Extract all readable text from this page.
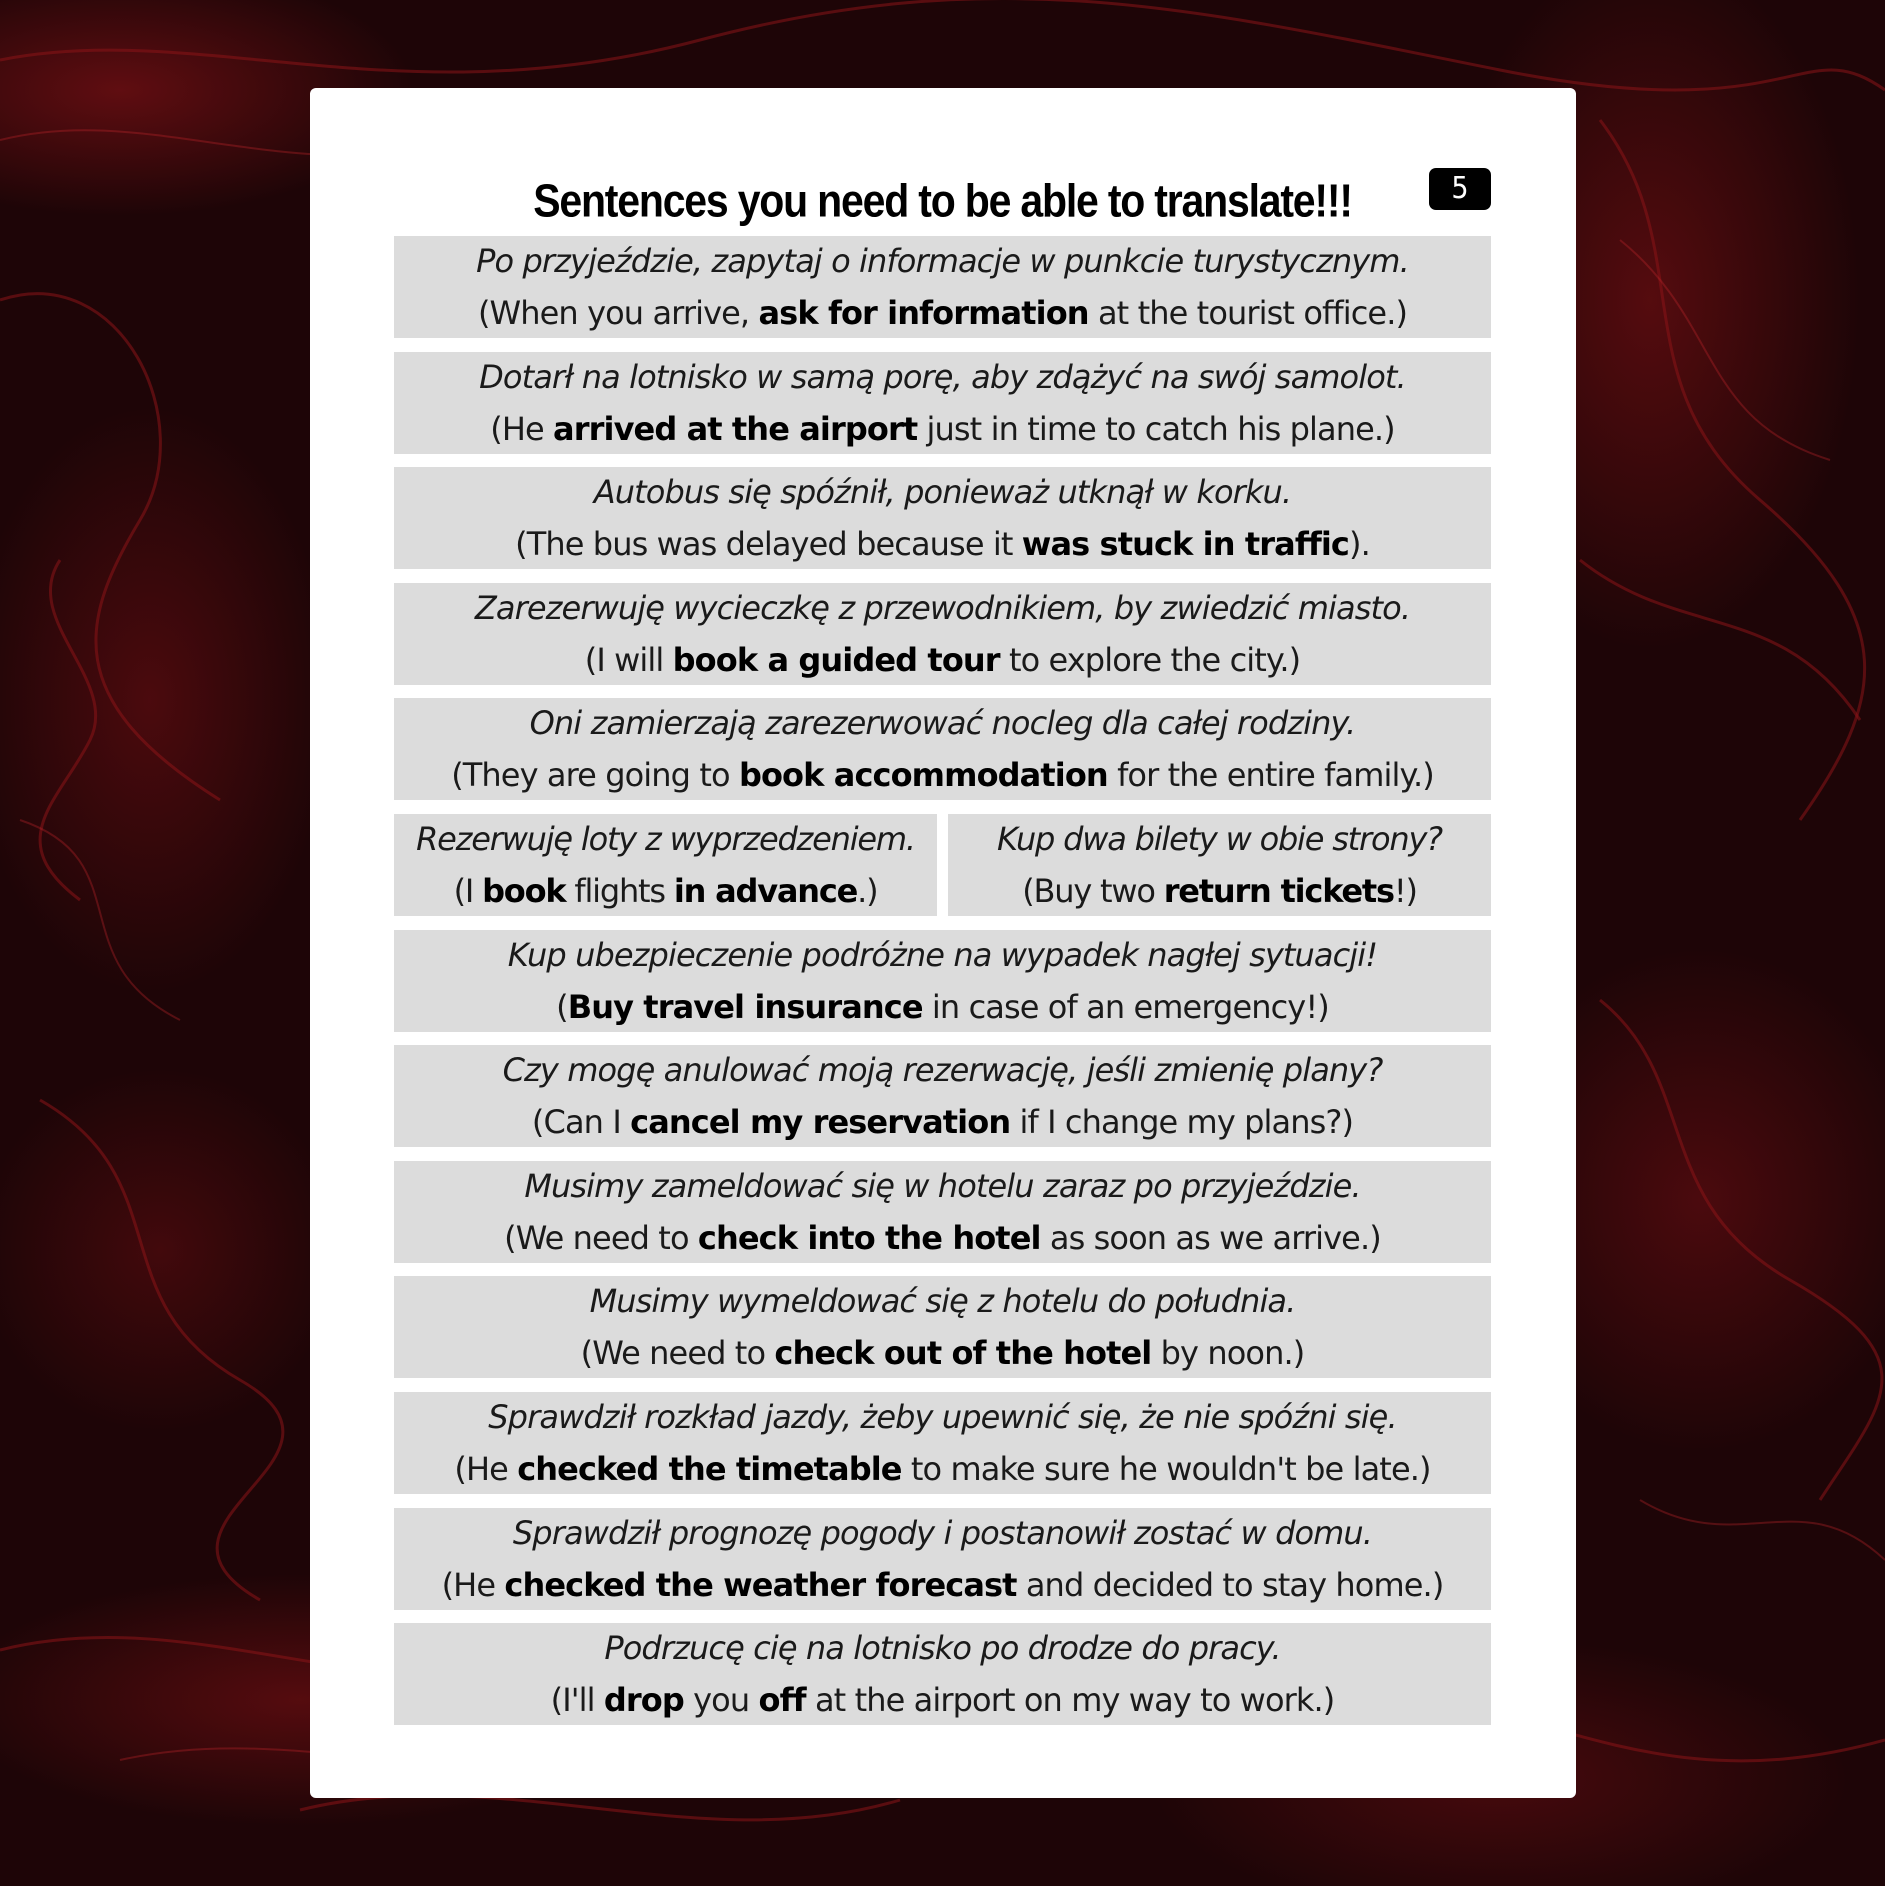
Sentences you need to be able to translate!!!	5
Po przyjeździe, zapytaj o informacje w punkcie turystycznym.
(When you arrive, ask for information at the tourist office.)
Dotarł na lotnisko w samą porę, aby zdążyć na swój samolot.
(He arrived at the airport just in time to catch his plane.)
Autobus się spóźnił, ponieważ utknął w korku.
(The bus was delayed because it was stuck in traffic).
Zarezerwuję wycieczkę z przewodnikiem, by zwiedzić miasto.
(I will book a guided tour to explore the city.)
Oni zamierzają zarezerwować nocleg dla całej rodziny.
(They are going to book accommodation for the entire family.)
Rezerwuję loty z wyprzedzeniem.
(I book flights in advance.)
Kup dwa bilety w obie strony?
(Buy two return tickets!)
Kup ubezpieczenie podróżne na wypadek nagłej sytuacji!
(Buy travel insurance in case of an emergency!)
Czy mogę anulować moją rezerwację, jeśli zmienię plany?
(Can I cancel my reservation if I change my plans?)
Musimy zameldować się w hotelu zaraz po przyjeździe.
(We need to check into the hotel as soon as we arrive.)
Musimy wymeldować się z hotelu do południa.
(We need to check out of the hotel by noon.)
Sprawdził rozkład jazdy, żeby upewnić się, że nie spóźni się.
(He checked the timetable to make sure he wouldn't be late.)
Sprawdził prognozę pogody i postanowił zostać w domu.
(He checked the weather forecast and decided to stay home.)
Podrzucę cię na lotnisko po drodze do pracy.
(I'll drop you off at the airport on my way to work.)
